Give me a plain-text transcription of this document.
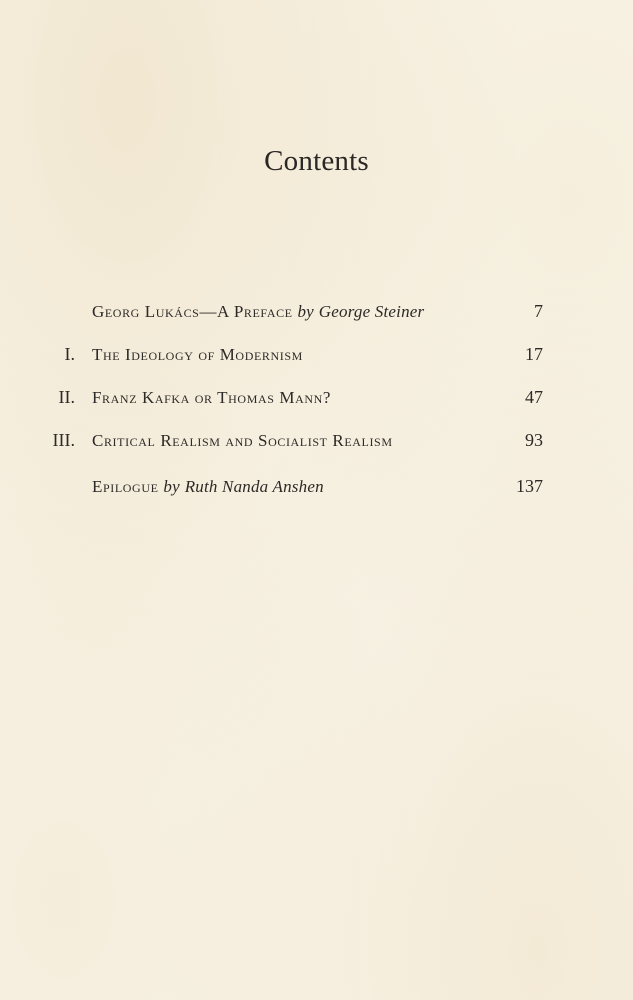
Contents
Georg Lukács—A Preface by George Steiner	7
I. The Ideology of Modernism	17
II. Franz Kafka or Thomas Mann?	47
III. Critical Realism and Socialist Realism	93
Epilogue by Ruth Nanda Anshen	137
